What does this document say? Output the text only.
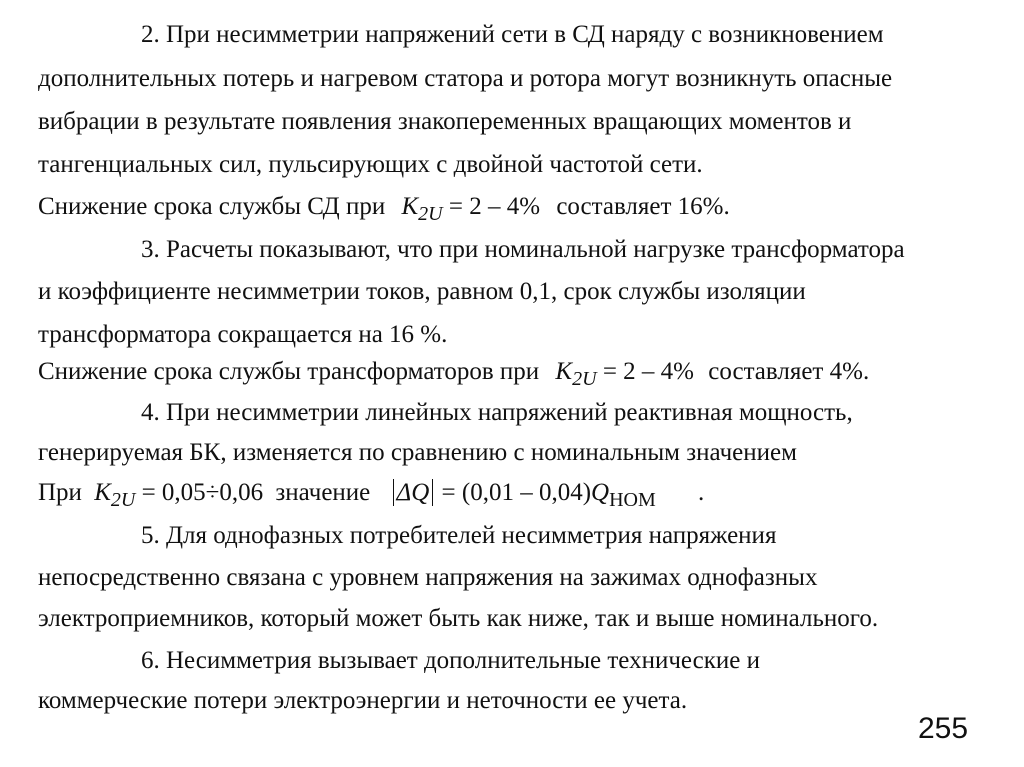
2. При несимметрии напряжений сети в СД наряду с возникновением
дополнительных потерь и нагревом статора и ротора могут возникнуть опасные
вибрации в результате появления знакопеременных вращающих моментов и
тангенциальных сил, пульсирующих с двойной частотой сети.
Снижение срока службы СД при $K_{2U} = 2 - 4\%$ составляет 16%.
3. Расчеты показывают, что при номинальной нагрузке трансформатора
и коэффициенте несимметрии токов, равном 0,1, срок службы изоляции
трансформатора сокращается на 16 %.
Снижение срока службы трансформаторов при $K_{2U} = 2 - 4\%$ составляет 4%.
4. При несимметрии линейных напряжений реактивная мощность,
генерируемая БК, изменяется по сравнению с номинальным значением
При $K_{2U} = 0,05\div 0,06$ значение $\Delta Q = (0,01 - 0,04)Q_{НОМ}$ .
5. Для однофазных потребителей несимметрия напряжения
непосредственно связана с уровнем напряжения на зажимах однофазных
электроприемников, который может быть как ниже, так и выше номинального.
6. Несимметрия вызывает дополнительные технические и
коммерческие потери электроэнергии и неточности ее учета.
255
